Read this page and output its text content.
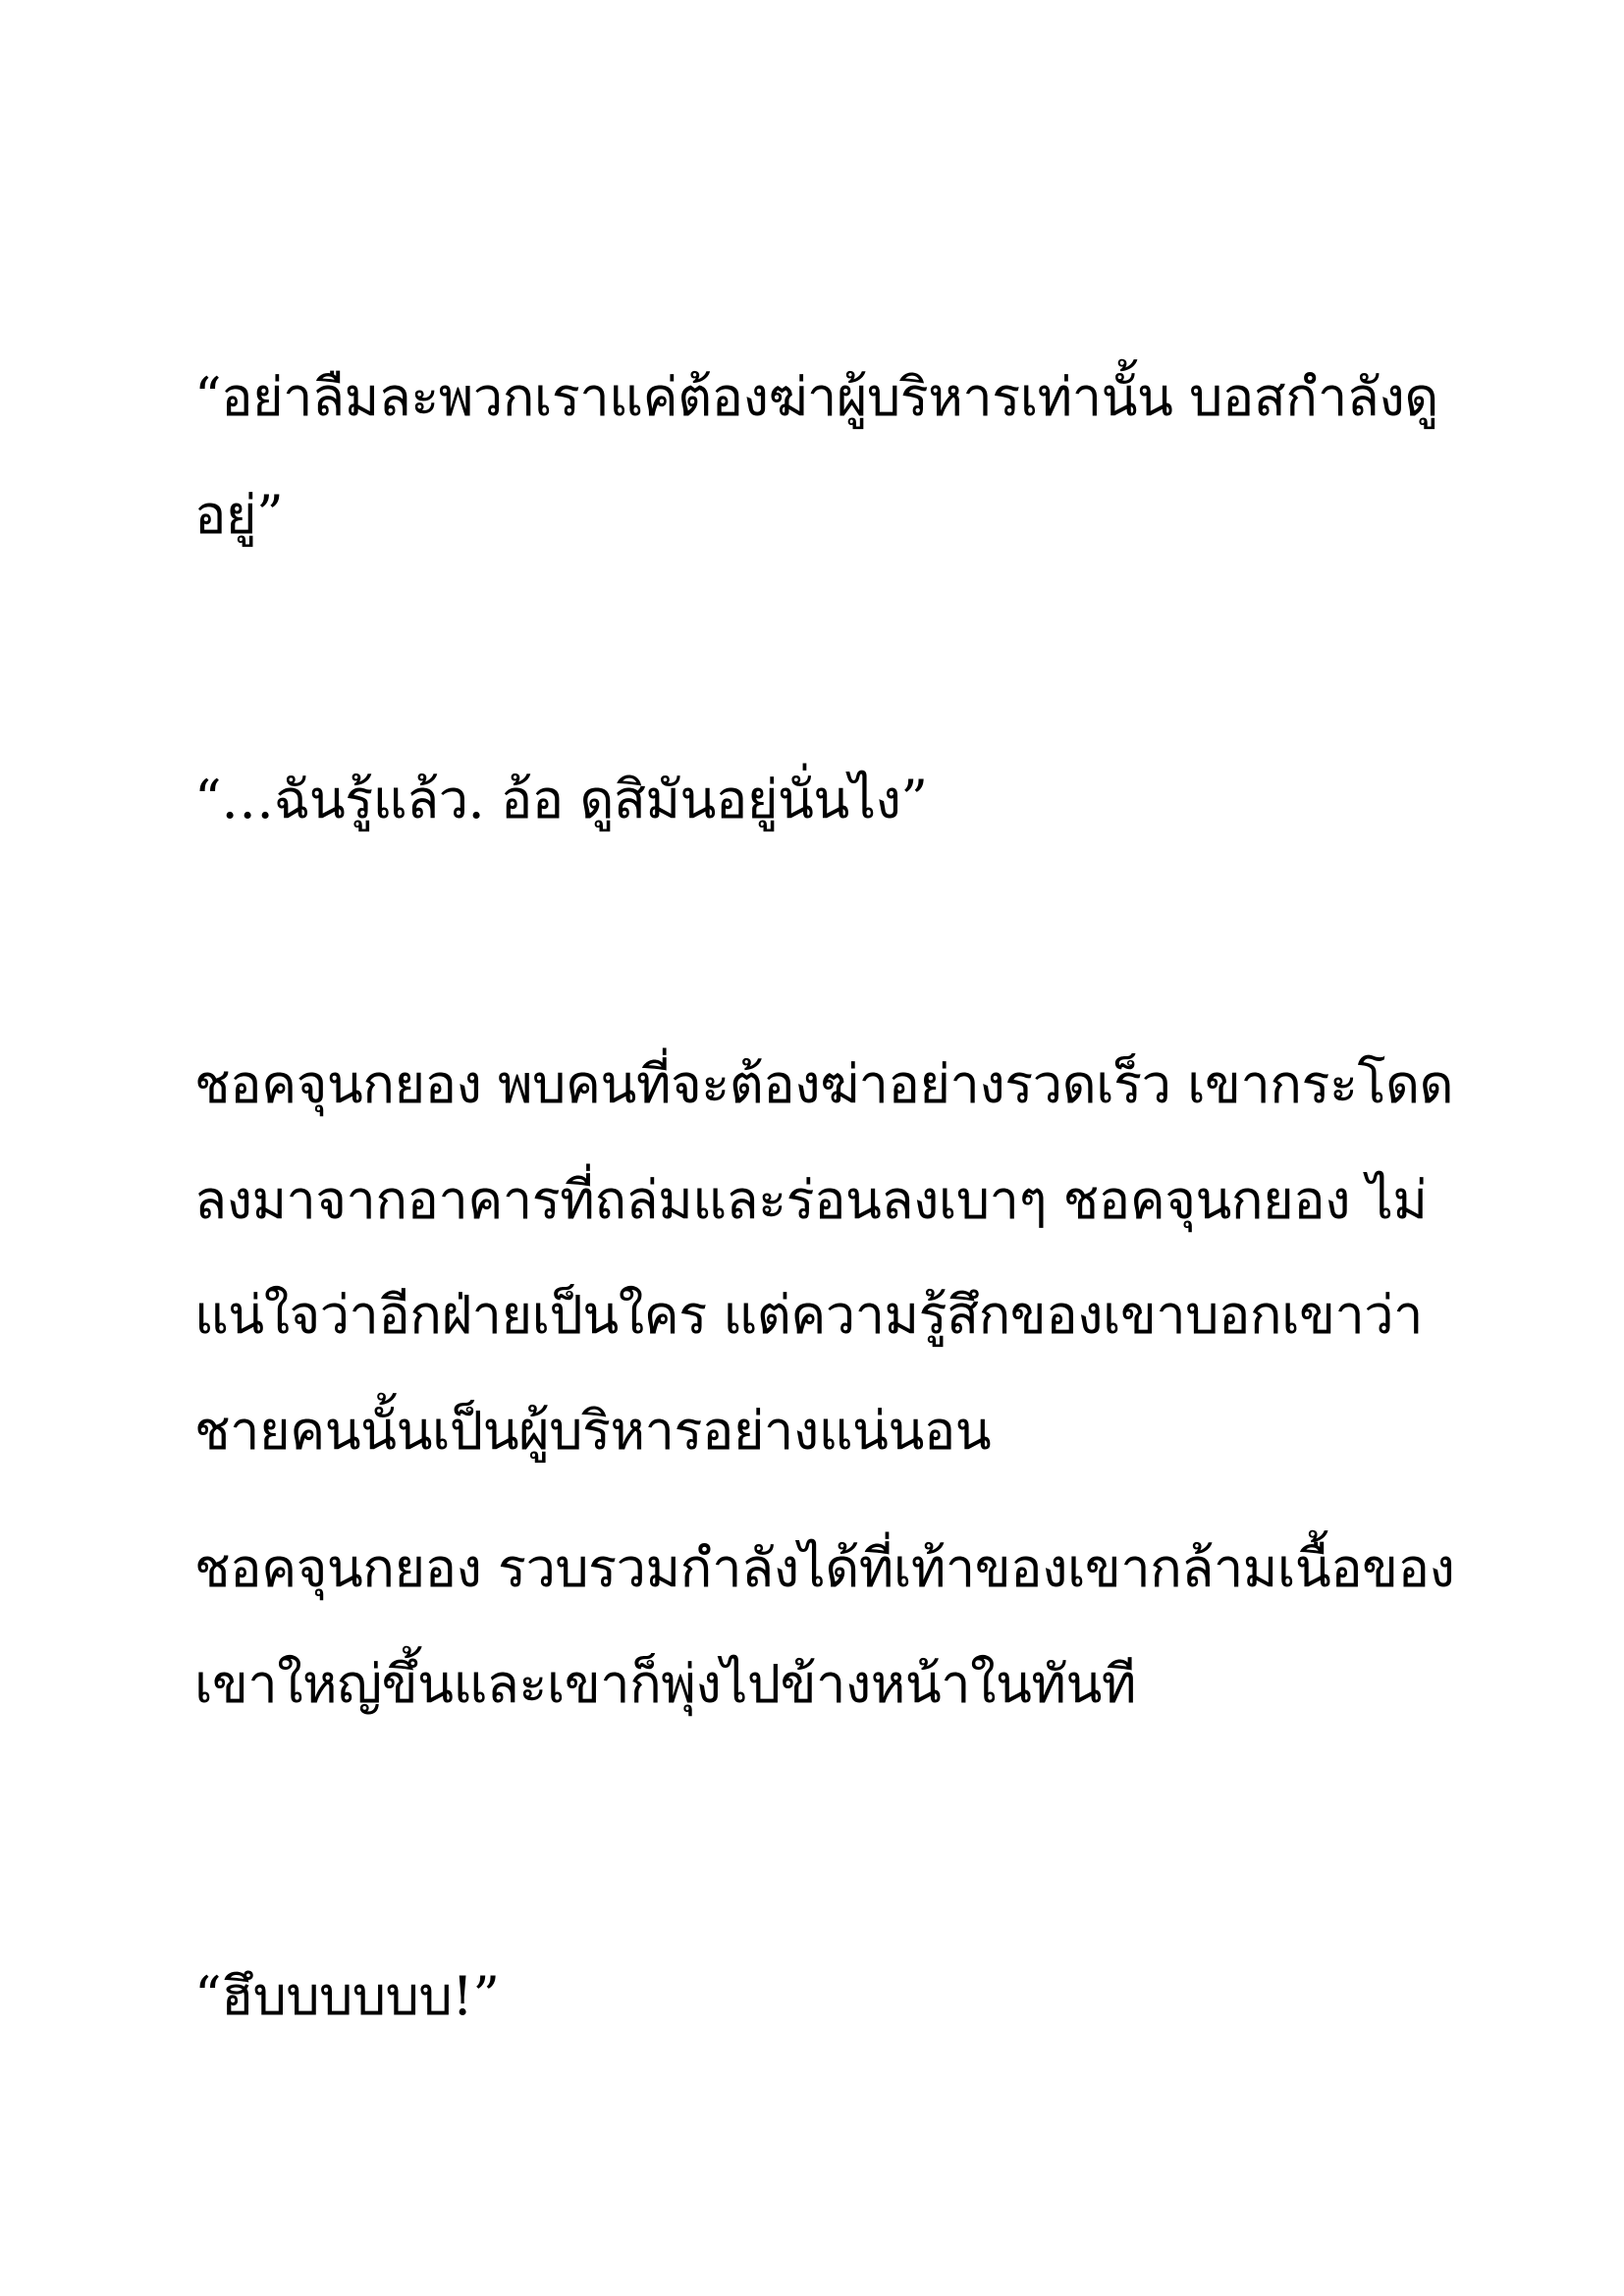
“อย่าลืมละพวกเราแค่ต้องฆ่าผู้บริหารเท่านั้น บอสกำลังดู
อยู่”
“…ฉันรู้แล้ว. อ้อ ดูสิมันอยู่นั่นไง”
ชอคจุนกยอง พบคนที่จะต้องฆ่าอย่างรวดเร็ว เขากระโดด
ลงมาจากอาคารที่ถล่มและร่อนลงเบาๆ ชอคจุนกยอง ไม่
แน่ใจว่าอีกฝ่ายเป็นใคร แต่ความรู้สึกของเขาบอกเขาว่า
ชายคนนั้นเป็นผู้บริหารอย่างแน่นอน
ชอคจุนกยอง รวบรวมกำลังได้ที่เท้าของเขากล้ามเนื้อของ
เขาใหญ่ขึ้นและเขาก็พุ่งไปข้างหน้าในทันที
“ฮึบบบบบบ!”
